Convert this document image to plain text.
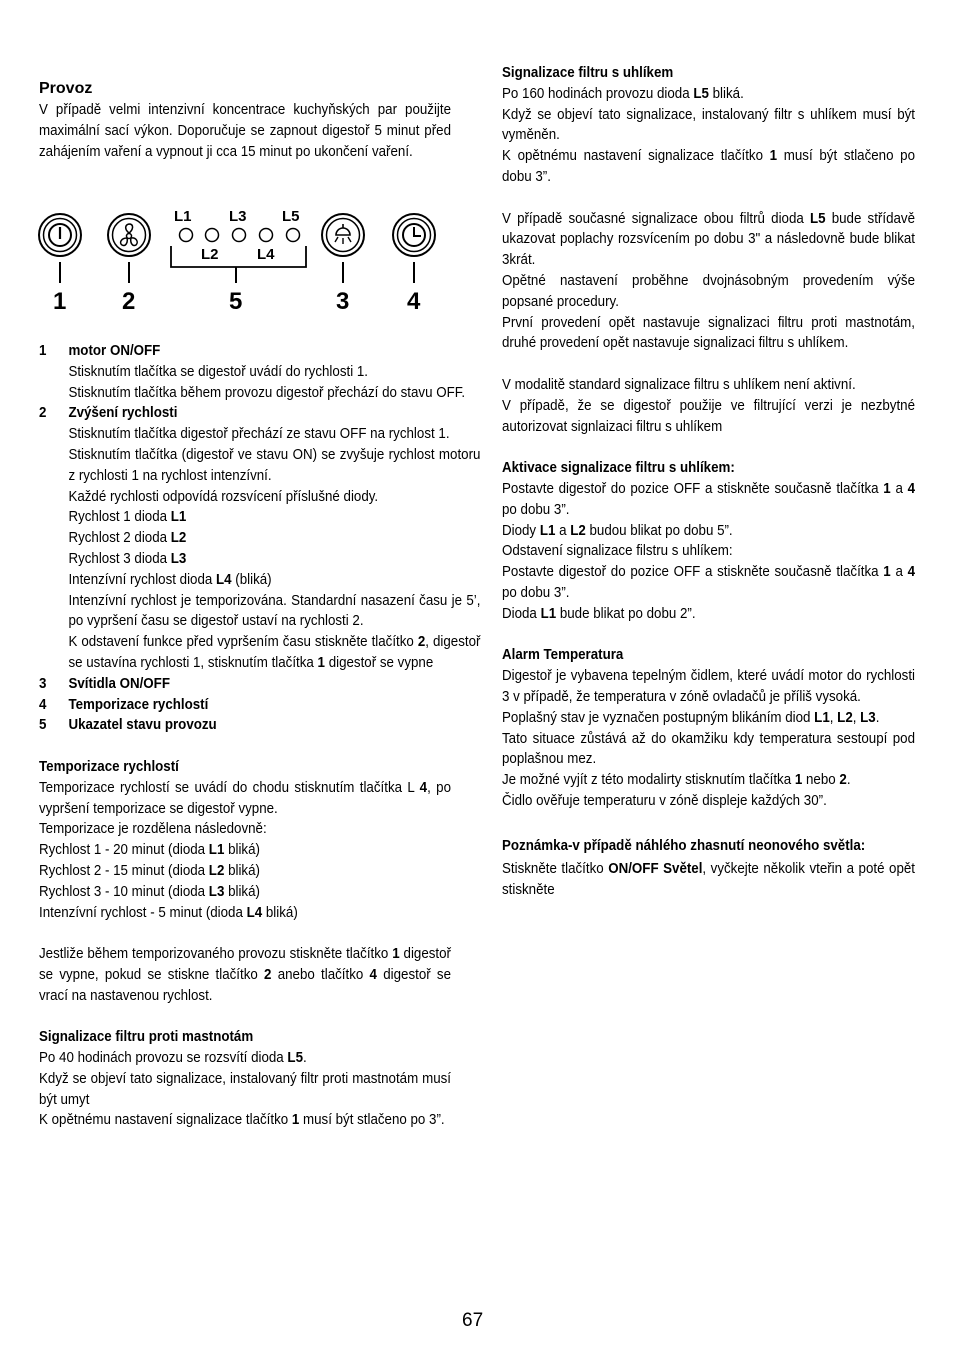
Provoz

V případě velmi intenzivní koncentrace kuchyňských par použijte maximální sací výkon. Doporučuje se zapnout digestoř 5 minut před zahájením vaření a vypnout ji cca 15 minut po ukončení vaření.

L1 L3 L5
L2	L4
1 2	5	3 4
1 motor ON/OFF
Stisknutím tlačítka se digestoř uvádí do rychlosti 1.
Stisknutím tlačítka během provozu digestoř přechází do stavu OFF.
2 Zvýšení rychlosti
Stisknutím tlačítka digestoř přechází ze stavu OFF na rychlost 1.
Stisknutím tlačítka (digestoř ve stavu ON) se zvyšuje rychlost motoru z rychlosti 1 na rychlost intenzívní.
Každé rychlosti odpovídá rozsvícení příslušné diody.
Rychlost 1 dioda L1
Rychlost 2 dioda L2
Rychlost 3 dioda L3
Intenzívní rychlost dioda L4 (bliká)
Intenzívní rychlost je temporizována. Standardní nasazení času je 5’, po vypršení času se digestoř ustaví na rychlosti 2.
K odstavení funkce před vypršením času stiskněte tlačítko 2, digestoř se ustavína rychlosti 1, stisknutím tlačítka 1 digestoř se vypne
3 Svítidla ON/OFF
4 Temporizace rychlostí
5 Ukazatel stavu provozu
Temporizace rychlostí
Temporizace rychlostí se uvádí do chodu stisknutím tlačítka L 4, po vypršení temporizace se digestoř vypne.
Temporizace je rozdělena následovně:
Rychlost 1 - 20 minut (dioda L1 bliká)
Rychlost 2 - 15 minut (dioda L2 bliká)
Rychlost 3 - 10 minut (dioda L3 bliká)
Intenzívní rychlost - 5 minut (dioda L4 bliká)
Jestliže během temporizovaného provozu stiskněte tlačítko 1 digestoř se vypne, pokud se stiskne tlačítko 2 anebo tlačítko 4 digestoř se vrací na nastavenou rychlost.
Signalizace filtru proti mastnotám
Po 40 hodinách provozu se rozsvítí dioda L5.
Když se objeví tato signalizace, instalovaný filtr proti mastnotám musí být umyt
K opětnému nastavení signalizace tlačítko 1 musí být stlačeno po 3”.
Signalizace filtru s uhlíkem
Po 160 hodinách provozu dioda L5 bliká.
Když se objeví tato signalizace, instalovaný filtr s uhlíkem musí být vyměněn.
K opětnému nastavení signalizace tlačítko 1 musí být stlačeno po dobu 3”.
V případě současné signalizace obou filtrů dioda L5 bude střídavě ukazovat poplachy rozsvícením po dobu 3" a následovně bude blikat 3krát.
Opětné nastavení proběhne dvojnásobným provedením výše popsané procedury.
První provedení opět nastavuje signalizaci filtru proti mastnotám, druhé provedení opět nastavuje signalizaci filtru s uhlíkem.
V modalitě standard signalizace filtru s uhlíkem není aktivní.
V případě, že se digestoř použije ve filtrující verzi je nezbytné autorizovat signlaizaci filtru s uhlíkem
Aktivace signalizace filtru s uhlíkem:
Postavte digestoř do pozice OFF a stiskněte současně tlačítka 1 a 4 po dobu 3”.
Diody L1 a L2 budou blikat po dobu 5”.
Odstavení signalizace filstru s uhlíkem:
Postavte digestoř do pozice OFF a stiskněte současně tlačítka 1 a 4 po dobu 3”.
Dioda L1 bude blikat po dobu 2”.
Alarm Temperatura
Digestoř je vybavena tepelným čidlem, které uvádí motor do rychlosti 3 v případě, že temperatura v zóně ovladačů je příliš vysoká.
Poplašný stav je vyznačen postupným blikáním diod L1, L2, L3.
Tato situace zůstává až do okamžiku kdy temperatura sestoupí pod poplašnou mez.
Je možné vyjít z této modalirty stisknutím tlačítka 1 nebo 2.
Čidlo ověřuje temperaturu v zóně displeje každých 30”.
Poznámka-v případě náhlého zhasnutí neonového světla:
Stiskněte tlačítko ON/OFF Světel, vyčkejte několik vteřin a poté opět stiskněte
67
